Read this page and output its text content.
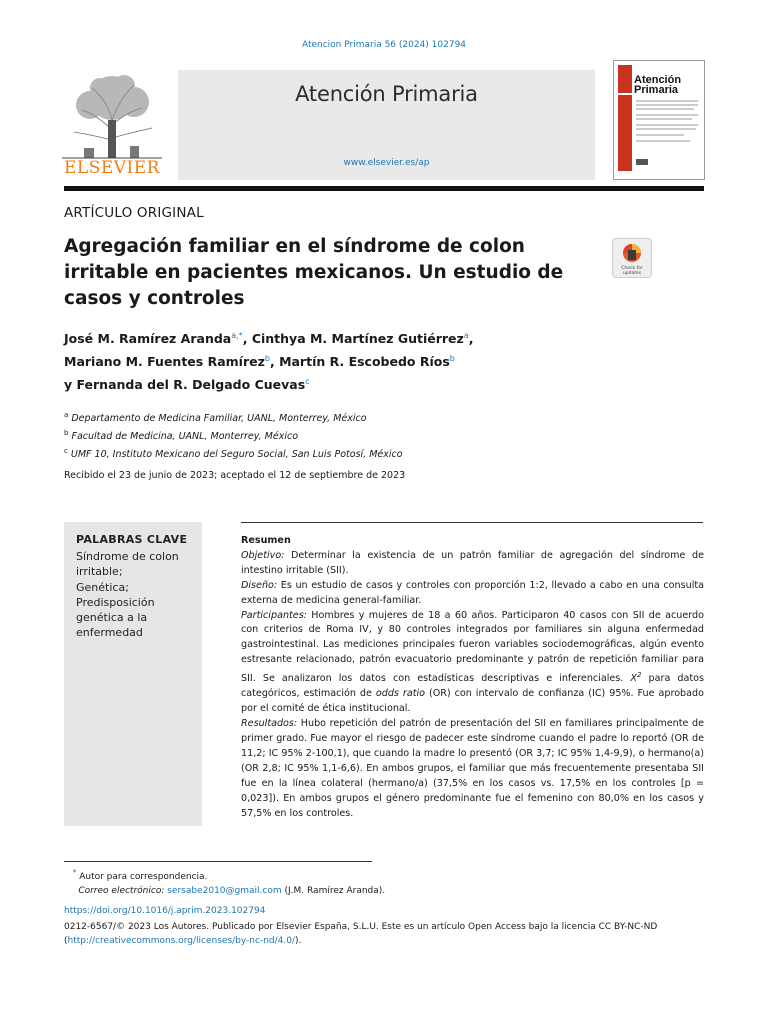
Atencion Primaria 56 (2024) 102794
ELSEVIER
Atención Primaria
www.elsevier.es/ap
Atención
Primaria
ARTÍCULO ORIGINAL
Agregación familiar en el síndrome de colon irritable en pacientes mexicanos. Un estudio de casos y controles
Check for
updates
José M. Ramírez Aranda$^{a,*}$, Cinthya M. Martínez Gutiérrez$^a$,
Mariano M. Fuentes Ramírez$^b$, Martín R. Escobedo Ríos$^b$
y Fernanda del R. Delgado Cuevas$^c$
$^a$ Departamento de Medicina Familiar, UANL, Monterrey, México
$^b$ Facultad de Medicina, UANL, Monterrey, México
$^c$ UMF 10, Instituto Mexicano del Seguro Social, San Luis Potosí, México
Recibido el 23 de junio de 2023; aceptado el 12 de septiembre de 2023
PALABRAS CLAVE
Síndrome de colon irritable;
Genética;
Predisposición genética a la enfermedad
Resumen
Objetivo: Determinar la existencia de un patrón familiar de agregación del síndrome de intestino irritable (SII).
Diseño: Es un estudio de casos y controles con proporción 1:2, llevado a cabo en una consulta externa de medicina general-familiar.
Participantes: Hombres y mujeres de 18 a 60 años. Participaron 40 casos con SII de acuerdo con criterios de Roma IV, y 80 controles integrados por familiares sin alguna enfermedad gastrointestinal. Las mediciones principales fueron variables sociodemográficas, algún evento estresante relacionado, patrón evacuatorio predominante y patrón de repetición familiar para SII. Se analizaron los datos con estadísticas descriptivas e inferenciales. $X^2$ para datos categóricos, estimación de odds ratio (OR) con intervalo de confianza (IC) 95%. Fue aprobado por el comité de ética institucional.
Resultados: Hubo repetición del patrón de presentación del SII en familiares principalmente de primer grado. Fue mayor el riesgo de padecer este síndrome cuando el padre lo reportó (OR de 11,2; IC 95% 2-100,1), que cuando la madre lo presentó (OR 3,7; IC 95% 1,4-9,9), o hermano(a) (OR 2,8; IC 95% 1,1-6,6). En ambos grupos, el familiar que más frecuentemente presentaba SII fue en la línea colateral (hermano/a) (37,5% en los casos vs. 17,5% en los controles [p = 0,023]). En ambos grupos el género predominante fue el femenino con 80,0% en los casos y 57,5% en los controles.
* Autor para correspondencia.
Correo electrónico: sersabe2010@gmail.com (J.M. Ramírez Aranda).
https://doi.org/10.1016/j.aprim.2023.102794
0212-6567/© 2023 Los Autores. Publicado por Elsevier España, S.L.U. Este es un artículo Open Access bajo la licencia CC BY-NC-ND (http://creativecommons.org/licenses/by-nc-nd/4.0/).
